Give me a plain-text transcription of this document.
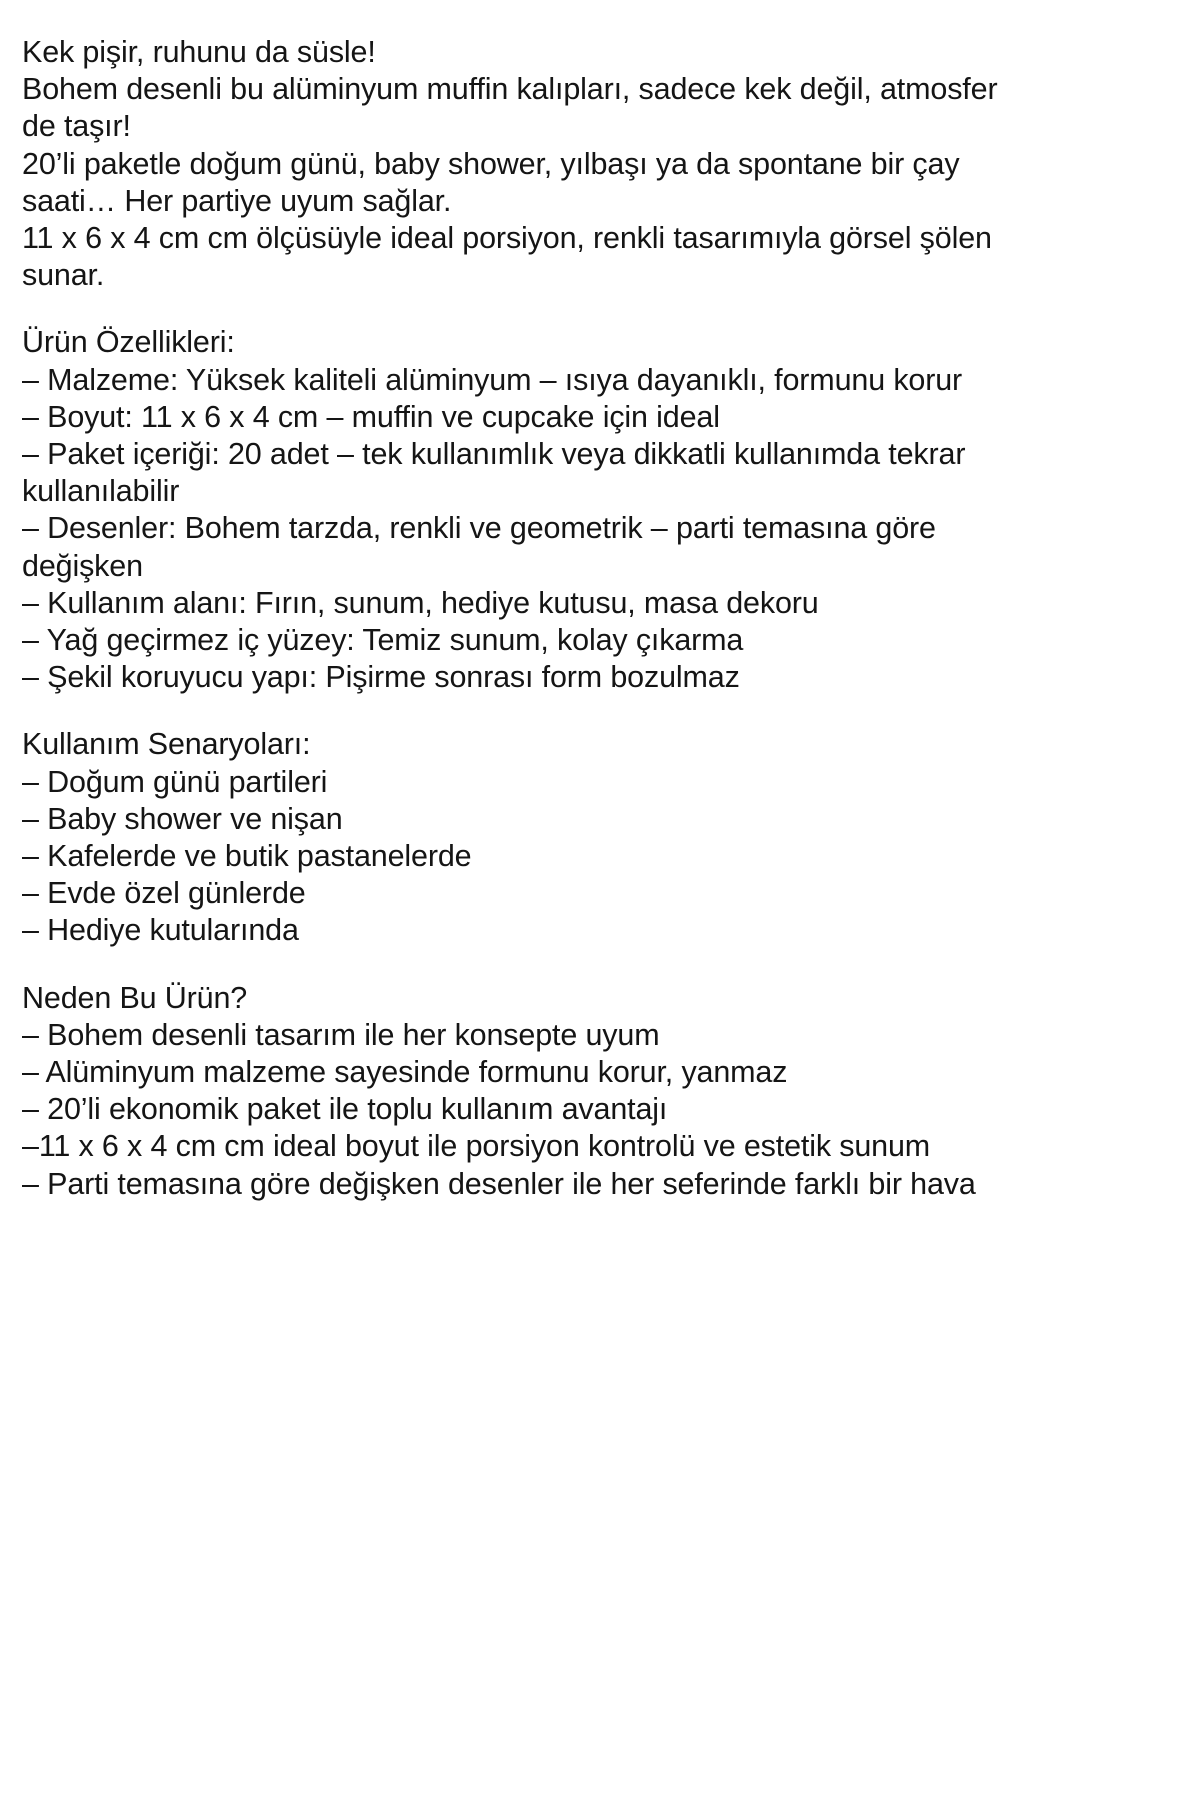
Kek pişir, ruhunu da süsle!
Bohem desenli bu alüminyum muffin kalıpları, sadece kek değil, atmosfer de taşır!
20’li paketle doğum günü, baby shower, yılbaşı ya da spontane bir çay saati… Her partiye uyum sağlar.
11 x 6 x 4 cm cm ölçüsüyle ideal porsiyon, renkli tasarımıyla görsel şölen sunar.
Ürün Özellikleri:
– Malzeme: Yüksek kaliteli alüminyum – ısıya dayanıklı, formunu korur
– Boyut: 11 x 6 x 4 cm – muffin ve cupcake için ideal
– Paket içeriği: 20 adet – tek kullanımlık veya dikkatli kullanımda tekrar kullanılabilir
– Desenler: Bohem tarzda, renkli ve geometrik – parti temasına göre değişken
– Kullanım alanı: Fırın, sunum, hediye kutusu, masa dekoru
– Yağ geçirmez iç yüzey: Temiz sunum, kolay çıkarma
– Şekil koruyucu yapı: Pişirme sonrası form bozulmaz
Kullanım Senaryoları:
– Doğum günü partileri
– Baby shower ve nişan
– Kafelerde ve butik pastanelerde
– Evde özel günlerde
– Hediye kutularında
Neden Bu Ürün?
– Bohem desenli tasarım ile her konsepte uyum
– Alüminyum malzeme sayesinde formunu korur, yanmaz
– 20’li ekonomik paket ile toplu kullanım avantajı
–11 x 6 x 4 cm cm ideal boyut ile porsiyon kontrolü ve estetik sunum
– Parti temasına göre değişken desenler ile her seferinde farklı bir hava
